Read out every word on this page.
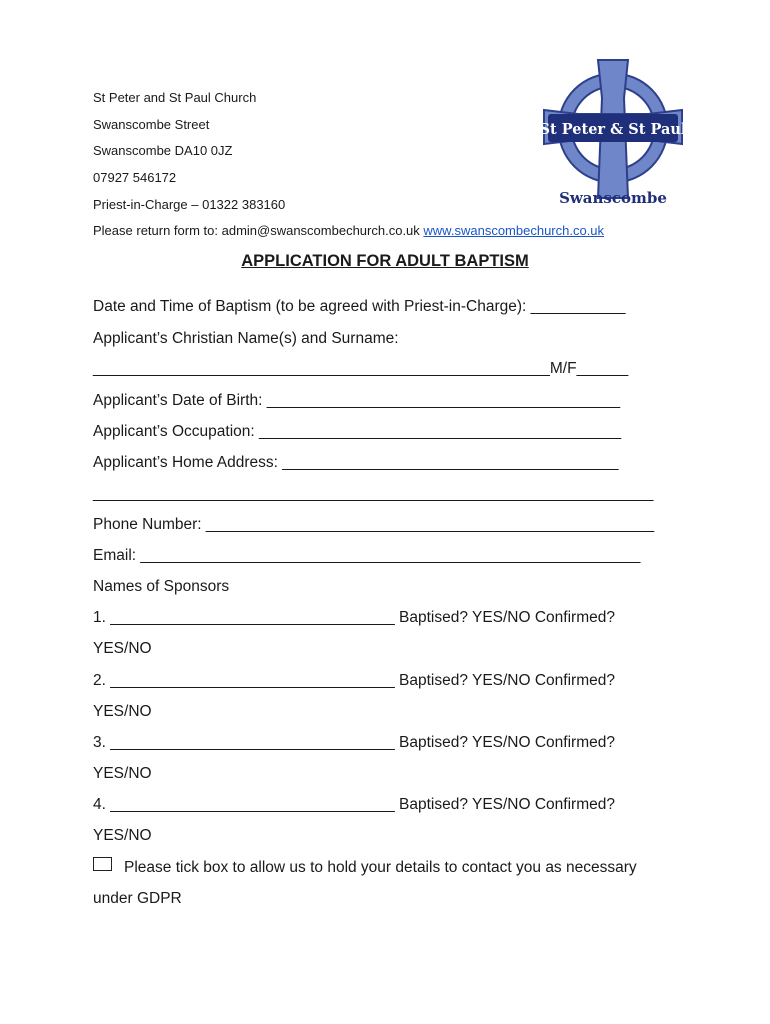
St Peter and St Paul Church
Swanscombe Street
Swanscombe DA10 0JZ
07927 546172
Priest-in-Charge – 01322 383160
Please return form to: admin@swanscombechurch.co.uk www.swanscombechurch.co.uk
St Peter & St Paul
Swanscombe
APPLICATION FOR ADULT BAPTISM
Date and Time of Baptism (to be agreed with Priest-in-Charge): ___________
Applicant’s Christian Name(s) and Surname:
_____________________________________________________M/F______
Applicant’s Date of Birth: _________________________________________
Applicant’s Occupation: __________________________________________
Applicant’s Home Address: _______________________________________
_________________________________________________________________
Phone Number: ____________________________________________________
Email: __________________________________________________________
Names of Sponsors
1. _________________________________ Baptised? YES/NO Confirmed?
YES/NO
2. _________________________________ Baptised? YES/NO Confirmed?
YES/NO
3. _________________________________ Baptised? YES/NO Confirmed?
YES/NO
4. _________________________________ Baptised? YES/NO Confirmed?
YES/NO
Please tick box to allow us to hold your details to contact you as necessary
under GDPR
